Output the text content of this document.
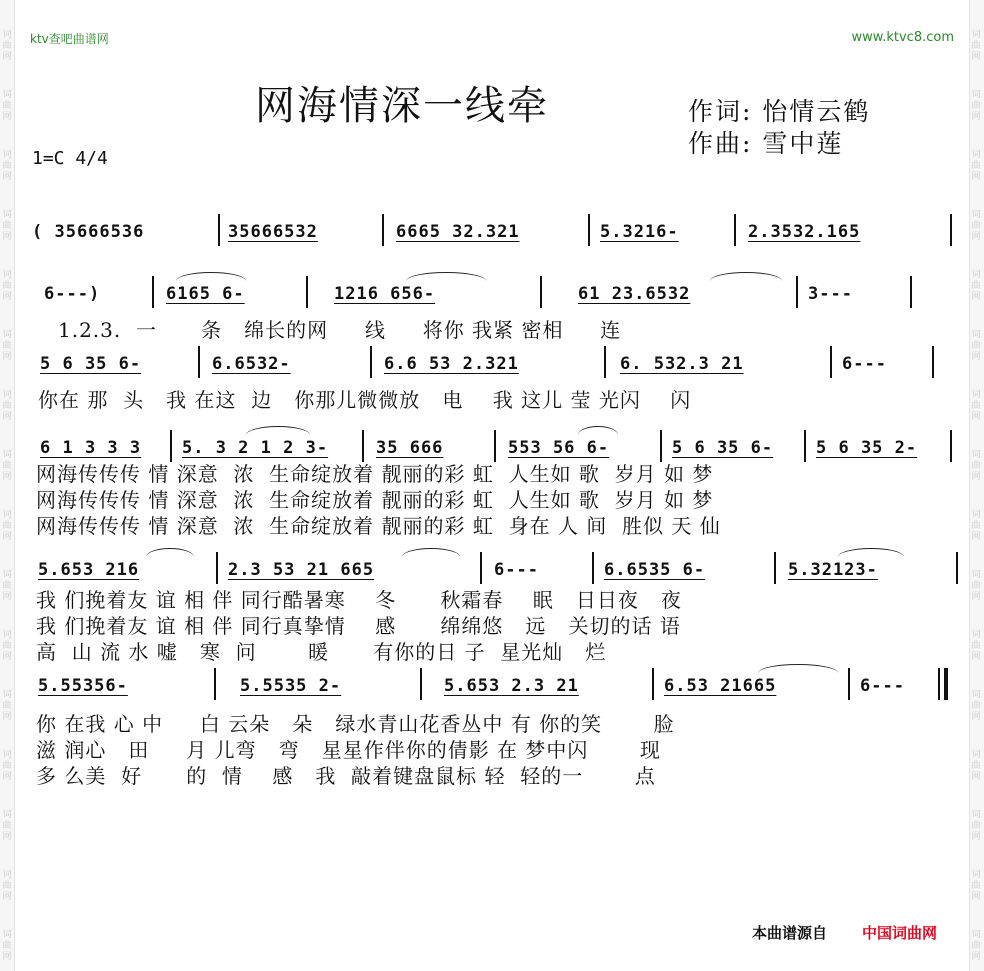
词	词
曲	曲
网	网
词	词
曲	曲
网	网
词	词
曲	曲
网	网
词	词
曲	曲
网	网
词	词
曲	曲
网	网
词	词
曲	曲
网	网
词	词
曲	曲
网	网
词	词
曲	曲
网	网
词	词
曲	曲
网	网
词	词
曲	曲
网	网
词	词
曲	曲
网	网
词	词
曲	曲
网	网
词	词
曲	曲
网	网
词	词
曲	曲
网	网
词	词
曲	曲
网	网
词	词
曲	曲
网	网
ktv查吧曲谱网	www.ktvc8.com
网海情深一线牵	作词: 怡情云鹤
作曲: 雪中莲
1=C 4/4
( 35666536	35666532	6665 32.321	5.3216-	2.3532.165
6---)	6165 6-	1216 656-	61 23.6532	3---
1.2.3.  一      条   绵长的网     线     将你 我紧 密相     连
5 6 35 6-	6.6532-	6.6 53 2.321	6. 532.3 21	6---
你在 那  头   我 在这  边   你那儿微微放   电    我 这儿 莹 光闪    闪
6 1 3 3 3 5. 3 2 1 2 3-	35 666	553 56 6-	5 6 35 6-	5 6 35 2-
网海传传传 情 深意  浓  生命绽放着 靓丽的彩 虹  人生如 歌  岁月 如 梦
网海传传传 情 深意  浓  生命绽放着 靓丽的彩 虹  人生如 歌  岁月 如 梦
网海传传传 情 深意  浓  生命绽放着 靓丽的彩 虹  身在 人 间  胜似 天 仙
5.653 216	2.3 53 21 665	6---	6.6535 6-	5.32123-
我 们挽着友 谊 相 伴 同行酷暑寒    冬      秋霜春    眠   日日夜   夜
我 们挽着友 谊 相 伴 同行真挚情    感      绵绵悠   远   关切的话 语
高  山 流 水 嘘   寒  问       暖      有你的日 子  星光灿   烂
5.55356-	5.5535 2-	5.653 2.3 21	6.53 21665	6---
你 在我 心 中     白 云朵   朵   绿水青山花香丛中 有 你的笑       脸
滋 润心   田     月 儿弯   弯   星星作伴你的倩影 在 梦中闪       现
多 么美  好      的  情    感   我  敲着键盘鼠标 轻  轻的一       点
本曲谱源自 中国词曲网
